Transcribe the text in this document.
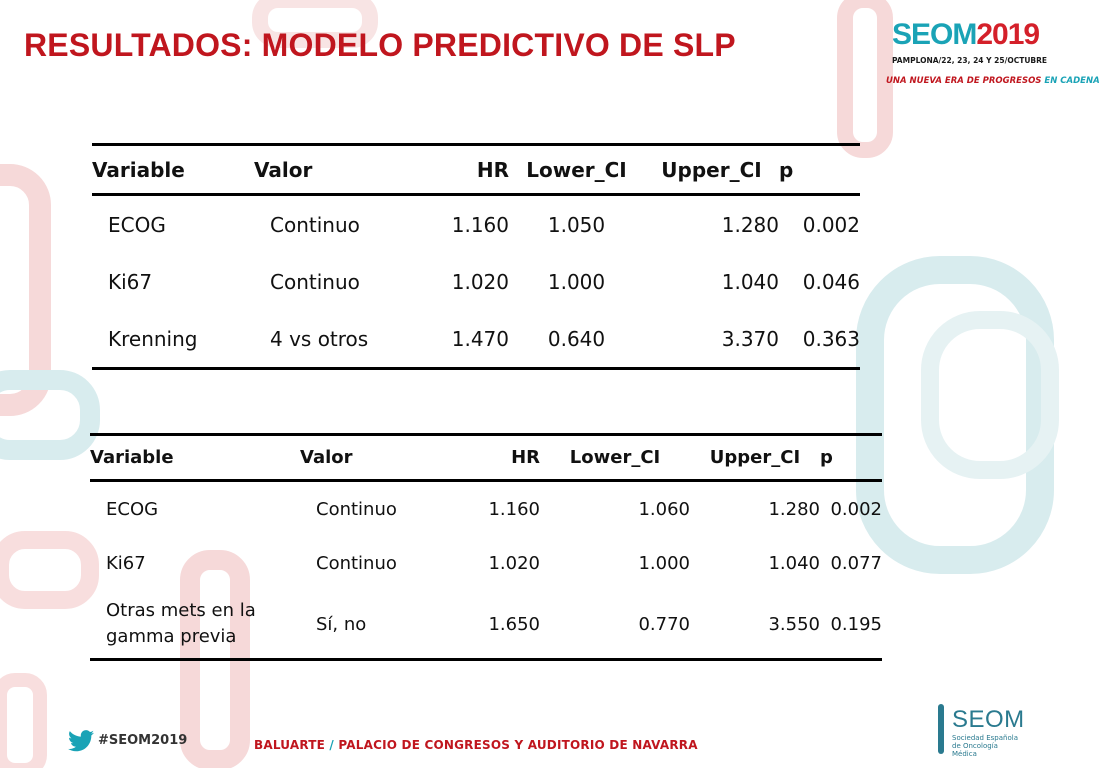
RESULTADOS: MODELO PREDICTIVO DE SLP	SEOM2019
PAMPLONA/22, 23, 24 Y 25/OCTUBRE
UNA NUEVA ERA DE PROGRESOS EN CADENA
Variable	Valor	HR	Lower_CI	Upper_CI	p
ECOG	Continuo	1.160	1.050	1.280	0.002
Ki67	Continuo	1.020	1.000	1.040	0.046
Krenning	4 vs otros	1.470	0.640	3.370	0.363
Variable	Valor	HR	Lower_CI	Upper_CI	p
ECOG	Continuo	1.160	1.060	1.280	0.002
Ki67	Continuo	1.020	1.000	1.040	0.077
Otras mets en la gamma previa	Sí, no	1.650	0.770	3.550	0.195
#SEOM2019	BALUARTE / PALACIO DE CONGRESOS Y AUDITORIO DE NAVARRA
SEOM
Sociedad Española
de Oncología Médica
